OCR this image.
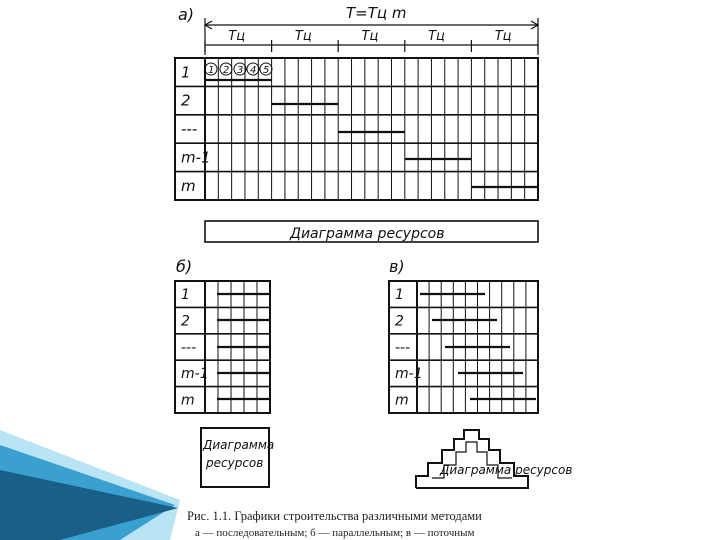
а)	T=Tц m
Tц	Tц	Tц	Tц	Tц
1
2
---
m-1
m
1 2 3 4 5
Диаграмма ресурсов
б)
1
2
---
m-1
m
Диаграмма
ресурсов
в)
1
2
---
m-1
m
Диаграмма ресурсов
Рис. 1.1. Графики строительства различными методами
а — последовательным; б — параллельным; в — поточным
